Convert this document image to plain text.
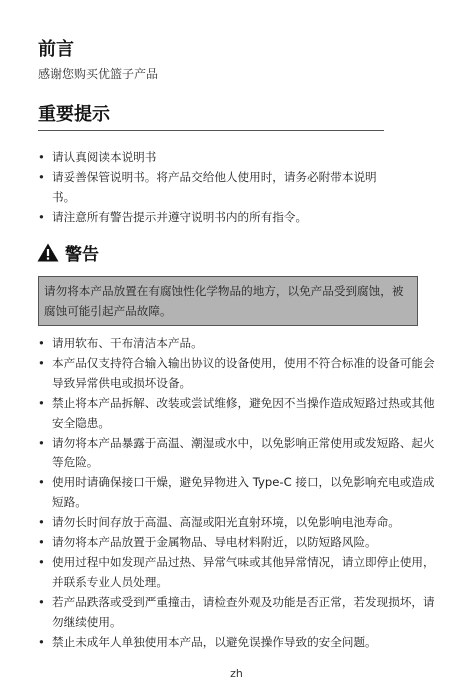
前言
感谢您购买优篮子产品
重要提示
• 请认真阅读本说明书
• 请妥善保管说明书。将产品交给他人使用时，请务必附带本说明书。
• 请注意所有警告提示并遵守说明书内的所有指令。
警告
请勿将本产品放置在有腐蚀性化学物品的地方，以免产品受到腐蚀，被腐蚀可能引起产品故障。
• 请用软布、干布清洁本产品。
• 本产品仅支持符合输入输出协议的设备使用，使用不符合标准的设备可能会导致异常供电或损坏设备。
• 禁止将本产品拆解、改装或尝试维修，避免因不当操作造成短路过热或其他安全隐患。
• 请勿将本产品暴露于高温、潮湿或水中，以免影响正常使用或发短路、起火等危险。
• 使用时请确保接口干燥，避免异物进入 Type-C 接口，以免影响充电或造成短路。
• 请勿长时间存放于高温、高湿或阳光直射环境，以免影响电池寿命。
• 请勿将本产品放置于金属物品、导电材料附近，以防短路风险。
• 使用过程中如发现产品过热、异常气味或其他异常情况，请立即停止使用，并联系专业人员处理。
• 若产品跌落或受到严重撞击，请检查外观及功能是否正常，若发现损坏，请勿继续使用。
• 禁止未成年人单独使用本产品，以避免误操作导致的安全问题。
zh
